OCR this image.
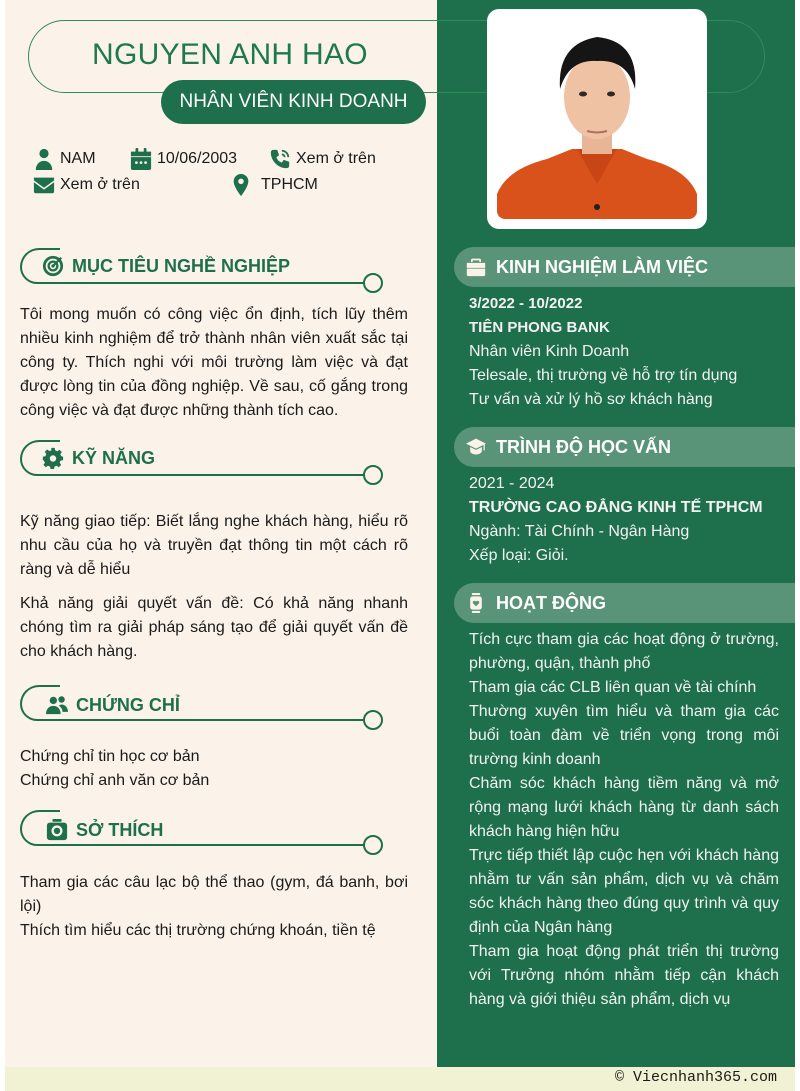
NGUYEN ANH HAO
NHÂN VIÊN KINH DOANH
NAM	10/06/2003	Xem ở trên
Xem ở trên	TPHCM
MỤC TIÊU NGHỀ NGHIỆP
Tôi mong muốn có công việc ổn định, tích lũy thêm nhiều kinh nghiệm để trở thành nhân viên xuất sắc tại công ty. Thích nghi với môi trường làm việc và đạt được lòng tin của đồng nghiệp. Về sau, cố gắng trong công việc và đạt được những thành tích cao.
KỸ NĂNG

Kỹ năng giao tiếp: Biết lắng nghe khách hàng, hiểu rõ nhu cầu của họ và truyền đạt thông tin một cách rõ ràng và dễ hiểu

Khả năng giải quyết vấn đề: Có khả năng nhanh chóng tìm ra giải pháp sáng tạo để giải quyết vấn đề cho khách hàng.

CHỨNG CHỈ

Chứng chỉ tin học cơ bản

Chứng chỉ anh văn cơ bản

SỞ THÍCH

Tham gia các câu lạc bộ thể thao (gym, đá banh, bơi lội)

Thích tìm hiểu các thị trường chứng khoán, tiền tệ

KINH NGHIỆM LÀM VIỆC

3/2022 - 10/2022

TIÊN PHONG BANK

Nhân viên Kinh Doanh

Telesale, thị trường về hỗ trợ tín dụng

Tư vấn và xử lý hồ sơ khách hàng

TRÌNH ĐỘ HỌC VẤN

2021 - 2024

TRƯỜNG CAO ĐẲNG KINH TẾ TPHCM

Ngành: Tài Chính - Ngân Hàng

Xếp loại: Giỏi.

HOẠT ĐỘNG

Tích cực tham gia các hoạt động ở trường, phường, quận, thành phố

Tham gia các CLB liên quan về tài chính

Thường xuyên tìm hiểu và tham gia các buổi toàn đàm về triển vọng trong môi trường kinh doanh

Chăm sóc khách hàng tiềm năng và mở rộng mạng lưới khách hàng từ danh sách khách hàng hiện hữu

Trực tiếp thiết lập cuộc hẹn với khách hàng nhằm tư vấn sản phẩm, dịch vụ và chăm sóc khách hàng theo đúng quy trình và quy định của Ngân hàng

Tham gia hoạt động phát triển thị trường với Trưởng nhóm nhằm tiếp cận khách hàng và giới thiệu sản phẩm, dịch vụ

© Viecnhanh365.com
